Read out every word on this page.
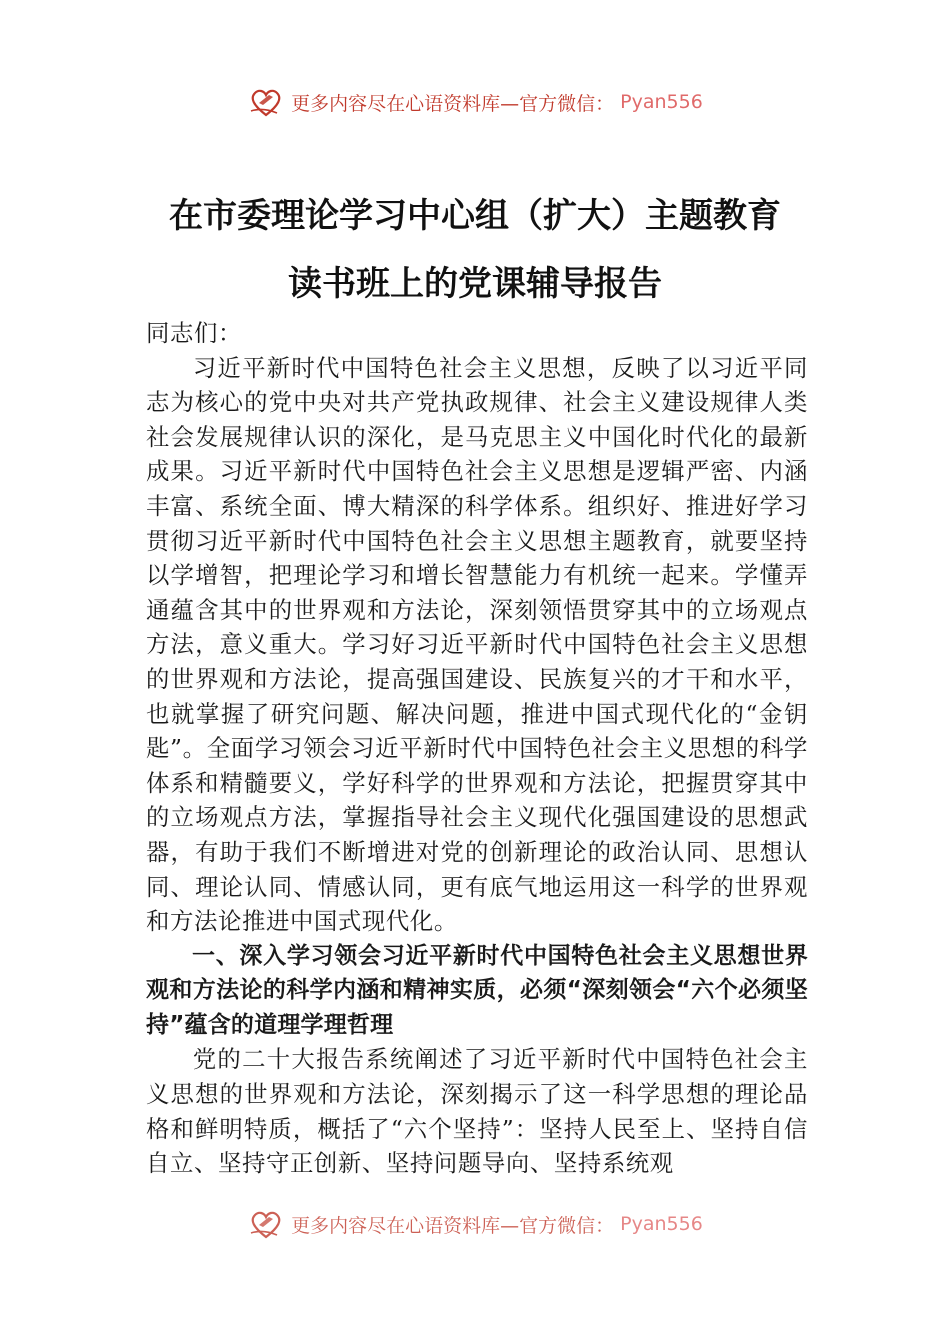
更多内容尽在心语资料库—官方微信： Pyan556
在市委理论学习中心组（扩大）主题教育
读书班上的党课辅导报告

同志们：

习近平新时代中国特色社会主义思想，反映了以习近平同志为核心的党中央对共产党执政规律、社会主义建设规律人类社会发展规律认识的深化，是马克思主义中国化时代化的最新成果。习近平新时代中国特色社会主义思想是逻辑严密、内涵丰富、系统全面、博大精深的科学体系。组织好、推进好学习贯彻习近平新时代中国特色社会主义思想主题教育，就要坚持以学增智，把理论学习和增长智慧能力有机统一起来。学懂弄通蕴含其中的世界观和方法论，深刻领悟贯穿其中的立场观点方法，意义重大。学习好习近平新时代中国特色社会主义思想的世界观和方法论，提高强国建设、民族复兴的才干和水平，也就掌握了研究问题、解决问题，推进中国式现代化的“金钥匙”。全面学习领会习近平新时代中国特色社会主义思想的科学体系和精髓要义，学好科学的世界观和方法论，把握贯穿其中的立场观点方法，掌握指导社会主义现代化强国建设的思想武器，有助于我们不断增进对党的创新理论的政治认同、思想认同、理论认同、情感认同，更有底气地运用这一科学的世界观和方法论推进中国式现代化。

一、深入学习领会习近平新时代中国特色社会主义思想世界观和方法论的科学内涵和精神实质，必须“深刻领会“六个必须坚持”蕴含的道理学理哲理

党的二十大报告系统阐述了习近平新时代中国特色社会主义思想的世界观和方法论，深刻揭示了这一科学思想的理论品格和鲜明特质，概括了“六个坚持”：坚持人民至上、坚持自信自立、坚持守正创新、坚持问题导向、坚持系统观

更多内容尽在心语资料库—官方微信： Pyan556
